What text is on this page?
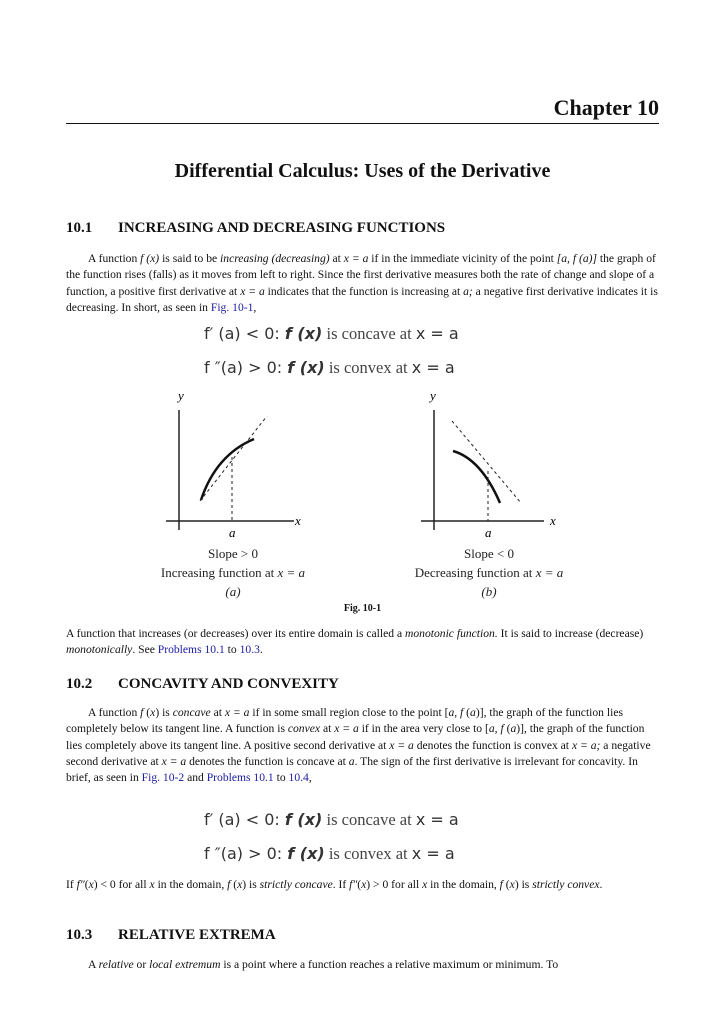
Chapter 10
Differential Calculus: Uses of the Derivative
10.1 INCREASING AND DECREASING FUNCTIONS

A function f (x) is said to be increasing (decreasing) at x = a if in the immediate vicinity of the point [a, f (a)] the graph of the function rises (falls) as it moves from left to right. Since the first derivative measures both the rate of change and slope of a function, a positive first derivative at x = a indicates that the function is increasing at a; a negative first derivative indicates it is decreasing. In short, as seen in Fig. 10-1,

f′ (a) < 0: f (x) is concave at x = a
f ″(a) > 0: f (x) is convex at x = a
y
x
a
y
x
a
Slope > 0
Increasing function at x = a
(a)
Slope < 0
Decreasing function at x = a
(b)
Fig. 10-1

A function that increases (or decreases) over its entire domain is called a monotonic function. It is said to increase (decrease) monotonically. See Problems 10.1 to 10.3.

10.2 CONCAVITY AND CONVEXITY

A function f (x) is concave at x = a if in some small region close to the point [a, f (a)], the graph of the function lies completely below its tangent line. A function is convex at x = a if in the area very close to [a, f (a)], the graph of the function lies completely above its tangent line. A positive second derivative at x = a denotes the function is convex at x = a; a negative second derivative at x = a denotes the function is concave at a. The sign of the first derivative is irrelevant for concavity. In brief, as seen in Fig. 10-2 and Problems 10.1 to 10.4,

f′ (a) < 0: f (x) is concave at x = a
f ″(a) > 0: f (x) is convex at x = a

If f″(x) < 0 for all x in the domain, f (x) is strictly concave. If f″(x) > 0 for all x in the domain, f (x) is strictly convex.

10.3 RELATIVE EXTREMA

A relative or local extremum is a point where a function reaches a relative maximum or minimum. To
